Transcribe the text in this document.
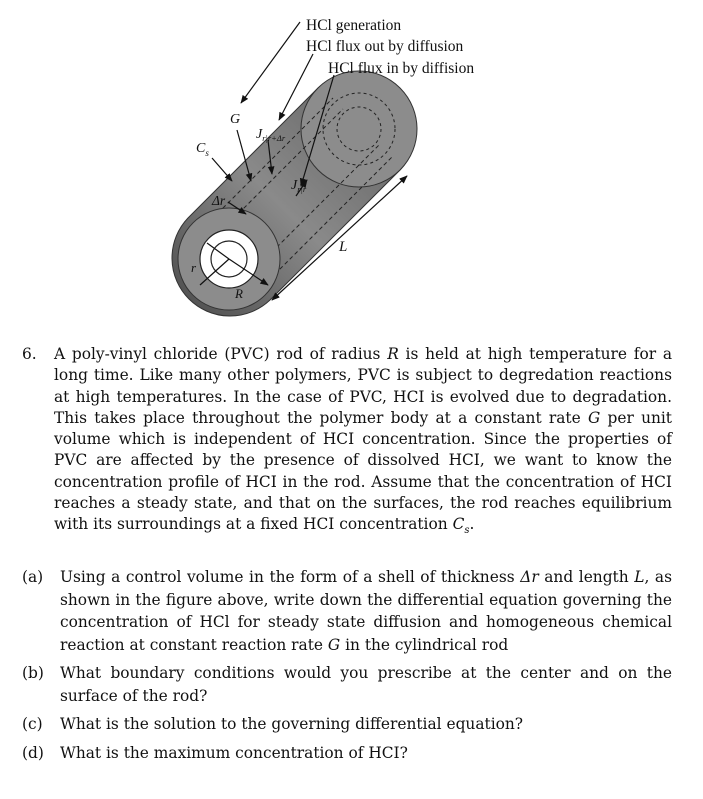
HCl generation
HCl flux out by diffusion
HCl flux in by diffision
G
$C_s$
$J_{r|r+\Delta r}$
$J_{r|r}$
Δr
L
r
R
6.	A poly-vinyl chloride (PVC) rod of radius R is held at high temperature for a long time. Like many other polymers, PVC is subject to degredation reactions at high temperatures. In the case of PVC, HCI is evolved due to degradation. This takes place throughout the polymer body at a constant rate G per unit volume which is independent of HCI concentration. Since the properties of PVC are affected by the presence of dissolved HCI, we want to know the concentration profile of HCI in the rod. Assume that the concentration of HCI reaches a steady state, and that on the surfaces, the rod reaches equilibrium with its surroundings at a fixed HCI concentration $C_s$.
(a)	Using a control volume in the form of a shell of thickness Δr and length L, as shown in the figure above, write down the differential equation governing the concentration of HCl for steady state diffusion and homogeneous chemical reaction at constant reaction rate G in the cylindrical rod
(b)	What boundary conditions would you prescribe at the center and on the surface of the rod?
(c)	What is the solution to the governing differential equation?
(d)	What is the maximum concentration of HCI?
